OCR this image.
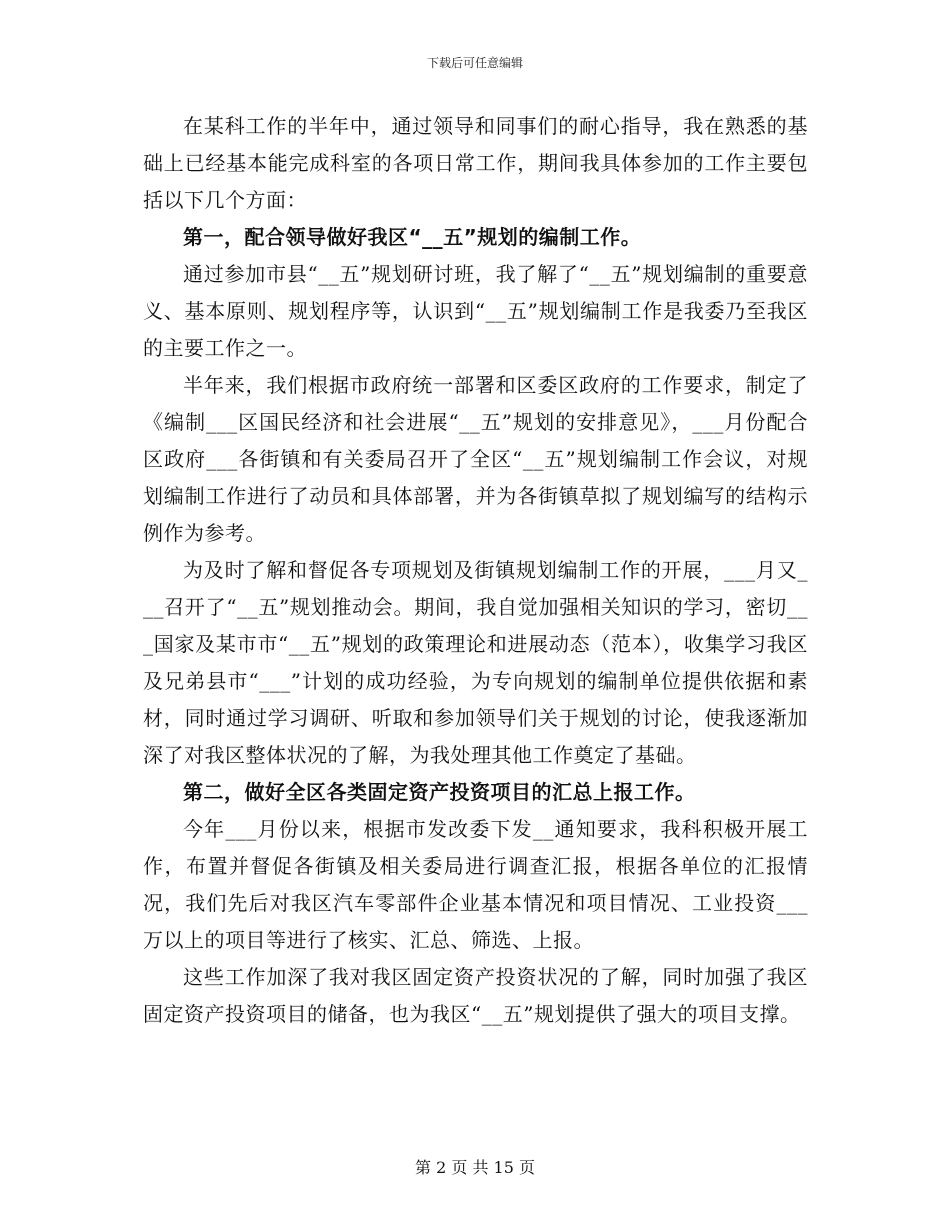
下载后可任意编辑

在某科工作的半年中，通过领导和同事们的耐心指导，我在熟悉的基础上已经基本能完成科室的各项日常工作，期间我具体参加的工作主要包括以下几个方面：

第一，配合领导做好我区“__五”规划的编制工作。

通过参加市县“__五”规划研讨班，我了解了“__五”规划编制的重要意义、基本原则、规划程序等，认识到“__五”规划编制工作是我委乃至我区的主要工作之一。

半年来，我们根据市政府统一部署和区委区政府的工作要求，制定了《编制___区国民经济和社会进展“__五”规划的安排意见》，___月份配合区政府___各街镇和有关委局召开了全区“__五”规划编制工作会议，对规划编制工作进行了动员和具体部署，并为各街镇草拟了规划编写的结构示例作为参考。

为及时了解和督促各专项规划及街镇规划编制工作的开展，___月又___召开了“__五”规划推动会。期间，我自觉加强相关知识的学习，密切___国家及某市市“__五”规划的政策理论和进展动态（范本），收集学习我区及兄弟县市“___”计划的成功经验，为专向规划的编制单位提供依据和素材，同时通过学习调研、听取和参加领导们关于规划的讨论，使我逐渐加深了对我区整体状况的了解，为我处理其他工作奠定了基础。

第二，做好全区各类固定资产投资项目的汇总上报工作。

今年___月份以来，根据市发改委下发__通知要求，我科积极开展工作，布置并督促各街镇及相关委局进行调查汇报，根据各单位的汇报情况，我们先后对我区汽车零部件企业基本情况和项目情况、工业投资___万以上的项目等进行了核实、汇总、筛选、上报。

这些工作加深了我对我区固定资产投资状况的了解，同时加强了我区固定资产投资项目的储备，也为我区“__五”规划提供了强大的项目支撑。

第 2 页 共 15 页
